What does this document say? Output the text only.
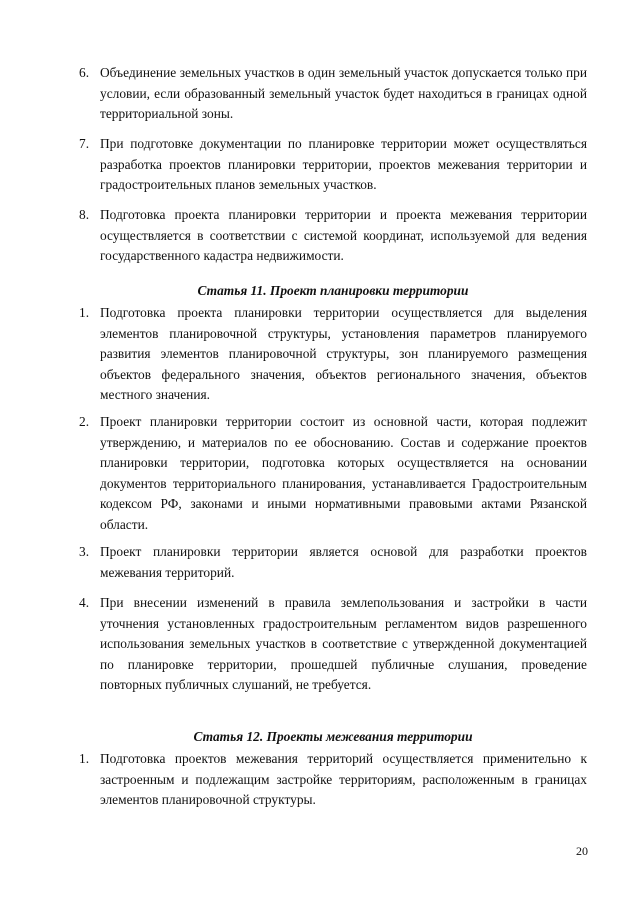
6. Объединение земельных участков в один земельный участок допускается только при условии, если образованный земельный участок будет находиться в границах одной территориальной зоны.
7. При подготовке документации по планировке территории может осуществляться разработка проектов планировки территории, проектов межевания территории и градостроительных планов земельных участков.
8. Подготовка проекта планировки территории и проекта межевания территории осуществляется в соответствии с системой координат, используемой для ведения государственного кадастра недвижимости.
Статья 11. Проект планировки территории
1. Подготовка проекта планировки территории осуществляется для выделения элементов планировочной структуры, установления параметров планируемого развития элементов планировочной структуры, зон планируемого размещения объектов федерального значения, объектов регионального значения, объектов местного значения.
2. Проект планировки территории состоит из основной части, которая подлежит утверждению, и материалов по ее обоснованию. Состав и содержание проектов планировки территории, подготовка которых осуществляется на основании документов территориального планирования, устанавливается Градостроительным кодексом РФ, законами и иными нормативными правовыми актами Рязанской области.
3. Проект планировки территории является основой для разработки проектов межевания территорий.
4. При внесении изменений в правила землепользования и застройки в части уточнения установленных градостроительным регламентом видов разрешенного использования земельных участков в соответствие с утвержденной документацией по планировке территории, прошедшей публичные слушания, проведение повторных публичных слушаний, не требуется.
Статья 12. Проекты межевания территории
1. Подготовка проектов межевания территорий осуществляется применительно к застроенным и подлежащим застройке территориям, расположенным в границах элементов планировочной структуры.
20
